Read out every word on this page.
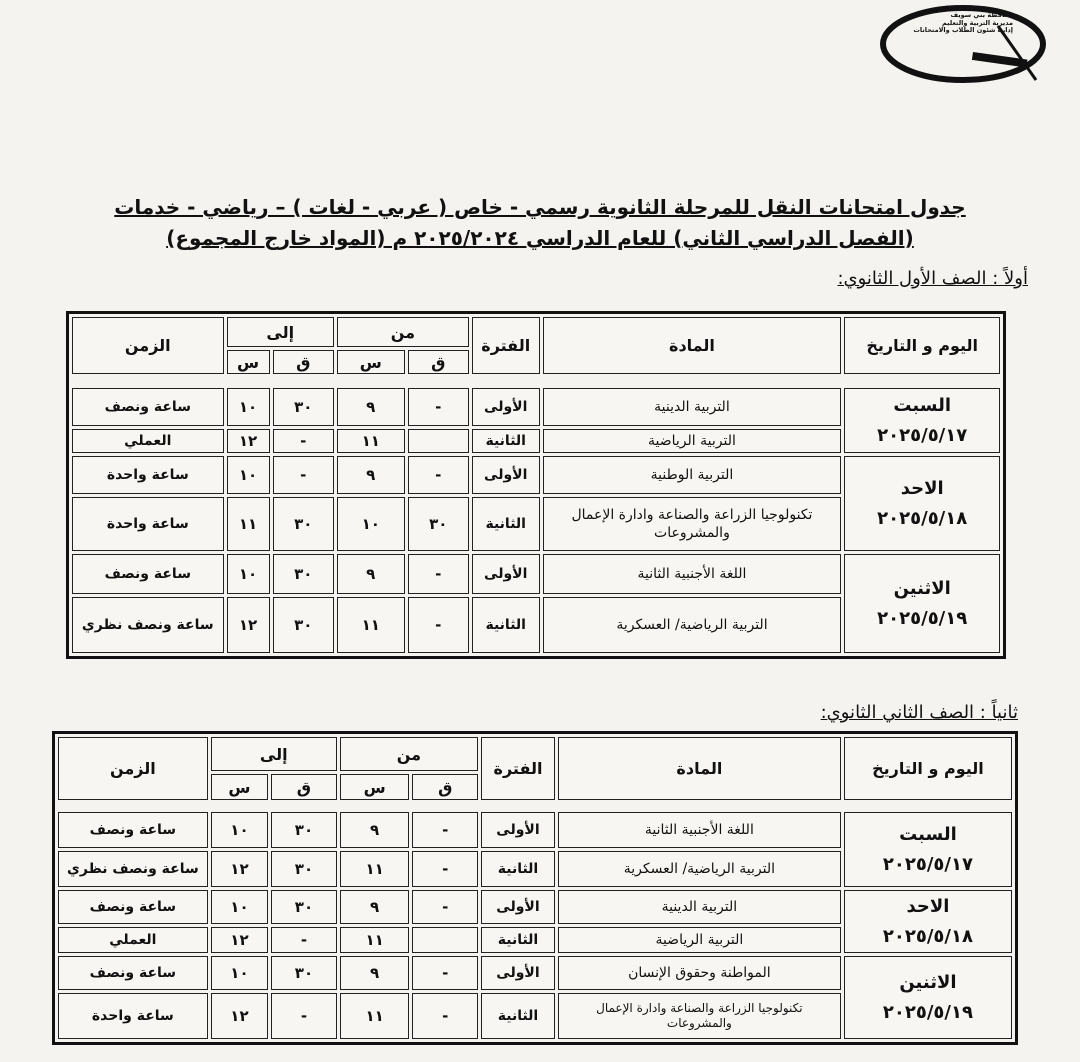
محافظة بني سويف
مديرية التربية والتعليم
إدارة شئون الطلاب والامتحانات
جدول امتحانات النقل للمرحلة الثانوية رسمي - خاص ( عربي - لغات ) – رياضي - خدمات
(الفصل الدراسي الثاني) للعام الدراسي ٢٠٢٥/٢٠٢٤ م (المواد خارج المجموع)
أولاً : الصف الأول الثانوي:
اليوم و التاريخ	المادة	الفترة	من		إلى		الزمن
			ق	س	ق	س	

السبت
٢٠٢٥/٥/١٧	التربية الدينية	الأولى	-	٩	٣٠	١٠	ساعة ونصف
	التربية الرياضية	الثانية		١١	-	١٢	العملي

الاحد
٢٠٢٥/٥/١٨	التربية الوطنية	الأولى	-	٩	-	١٠	ساعة واحدة
	تكنولوجيا الزراعة والصناعة وادارة الإعمال والمشروعات	الثانية	٣٠	١٠	٣٠	١١	ساعة واحدة

الاثنين
٢٠٢٥/٥/١٩	اللغة الأجنبية الثانية	الأولى	-	٩	٣٠	١٠	ساعة ونصف
	التربية الرياضية/ العسكرية	الثانية	-	١١	٣٠	١٢	ساعة ونصف نظري
ثانياً : الصف الثاني الثانوي:
اليوم و التاريخ	المادة	الفترة	من		إلى		الزمن
			ق	س	ق	س	

السبت
٢٠٢٥/٥/١٧	اللغة الأجنبية الثانية	الأولى	-	٩	٣٠	١٠	ساعة ونصف
	التربية الرياضية/ العسكرية	الثانية	-	١١	٣٠	١٢	ساعة ونصف نظري

الاحد
٢٠٢٥/٥/١٨	التربية الدينية	الأولى	-	٩	٣٠	١٠	ساعة ونصف
	التربية الرياضية	الثانية		١١	-	١٢	العملي

الاثنين
٢٠٢٥/٥/١٩	المواطنة وحقوق الإنسان	الأولى	-	٩	٣٠	١٠	ساعة ونصف
	تكنولوجيا الزراعة والصناعة وادارة الإعمال والمشروعات	الثانية	-	١١	-	١٢	ساعة واحدة
